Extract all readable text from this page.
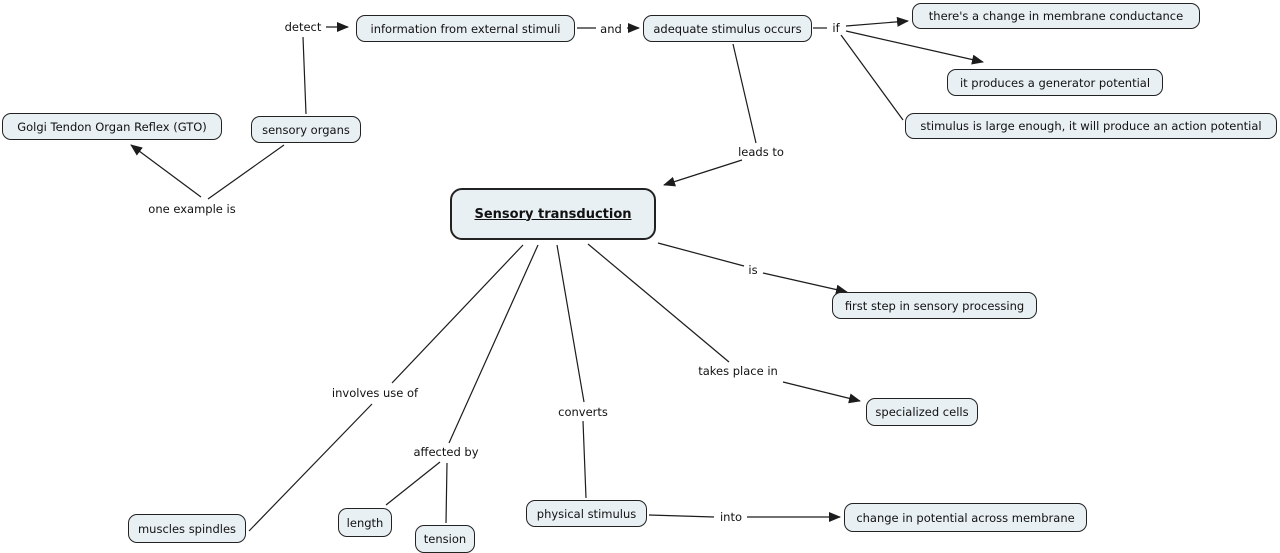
information from external stimuli	adequate stimulus occurs
there's a change in membrane conductance
it produces a generator potential
stimulus is large enough, it will produce an action potential
Golgi Tendon Organ Reflex (GTO)	sensory organs
Sensory transduction
first step in sensory processing
specialized cells
muscles spindles	length
tension
physical stimulus	change in potential across membrane
detect	and	if
leads to
one example is
is
takes place in
involves use of
converts
affected by
into
